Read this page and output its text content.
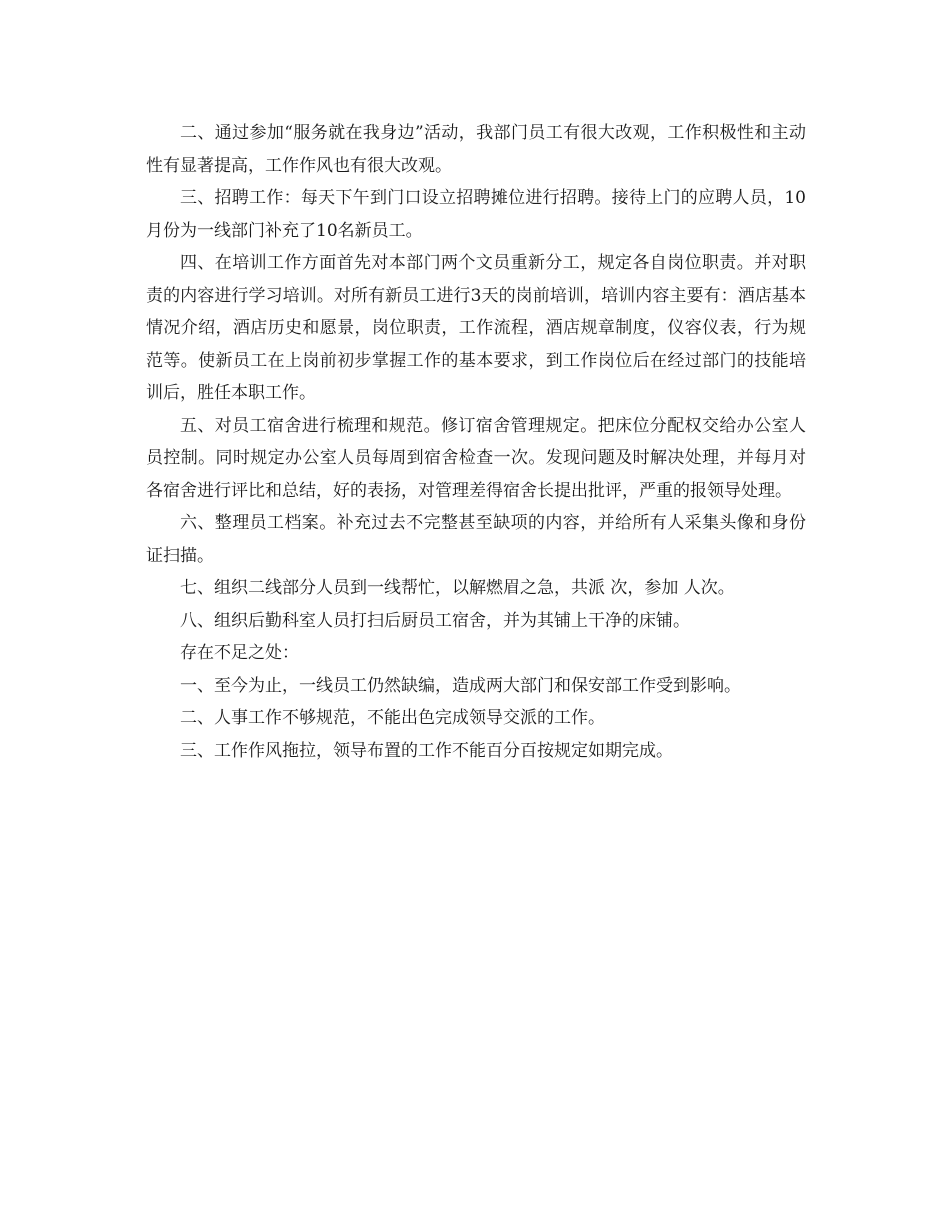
二、通过参加“服务就在我身边”活动，我部门员工有很大改观，工作积极性和主动性有显著提高，工作作风也有很大改观。

三、招聘工作：每天下午到门口设立招聘摊位进行招聘。接待上门的应聘人员，10月份为一线部门补充了10名新员工。

四、在培训工作方面首先对本部门两个文员重新分工，规定各自岗位职责。并对职责的内容进行学习培训。对所有新员工进行3天的岗前培训，培训内容主要有：酒店基本情况介绍，酒店历史和愿景，岗位职责，工作流程，酒店规章制度，仪容仪表，行为规范等。使新员工在上岗前初步掌握工作的基本要求，到工作岗位后在经过部门的技能培训后，胜任本职工作。

五、对员工宿舍进行梳理和规范。修订宿舍管理规定。把床位分配权交给办公室人员控制。同时规定办公室人员每周到宿舍检查一次。发现问题及时解决处理，并每月对各宿舍进行评比和总结，好的表扬，对管理差得宿舍长提出批评，严重的报领导处理。

六、整理员工档案。补充过去不完整甚至缺项的内容，并给所有人采集头像和身份证扫描。

七、组织二线部分人员到一线帮忙，以解燃眉之急，共派 次，参加 人次。

八、组织后勤科室人员打扫后厨员工宿舍，并为其铺上干净的床铺。

存在不足之处：

一、至今为止，一线员工仍然缺编，造成两大部门和保安部工作受到影响。

二、人事工作不够规范，不能出色完成领导交派的工作。

三、工作作风拖拉，领导布置的工作不能百分百按规定如期完成。
